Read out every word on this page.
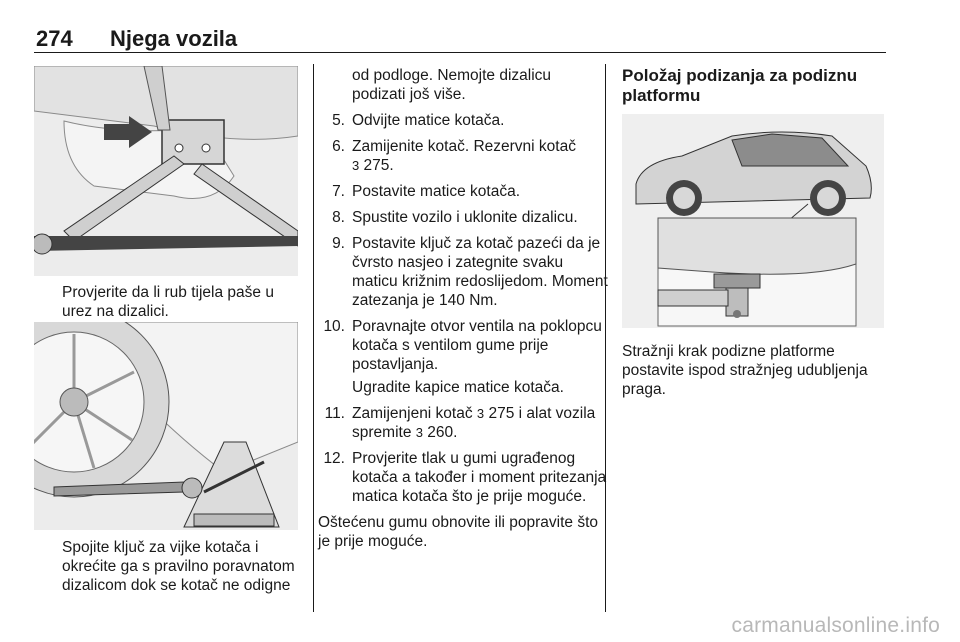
274 Njega vozila

Provjerite da li rub tijela paše u urez na dizalici.

Spojite ključ za vijke kotača i okrećite ga s pravilno poravnatom dizalicom dok se kotač ne odigne

od podloge. Nemojte dizalicu podizati još više.
5. Odvijte matice kotača.
6. Zamijenite kotač. Rezervni kotač
3 275.
7. Postavite matice kotača.
8. Spustite vozilo i uklonite dizalicu.
9. Postavite ključ za kotač pazeći da je čvrsto nasjeo i zategnite svaku maticu križnim redoslijedom. Moment zatezanja je 140 Nm.
10. Poravnajte otvor ventila na poklopcu kotača s ventilom gume prije postavljanja.
Ugradite kapice matice kotača.
11. Zamijenjeni kotač 3 275 i alat vozila spremite 3 260.
12. Provjerite tlak u gumi ugrađenog kotača a također i moment pritezanja matica kotača što je prije moguće.

Oštećenu gumu obnovite ili popravite što je prije moguće.

Položaj podizanja za podiznu platformu

Stražnji krak podizne platforme postavite ispod stražnjeg udubljenja praga.

carmanualsonline.info
